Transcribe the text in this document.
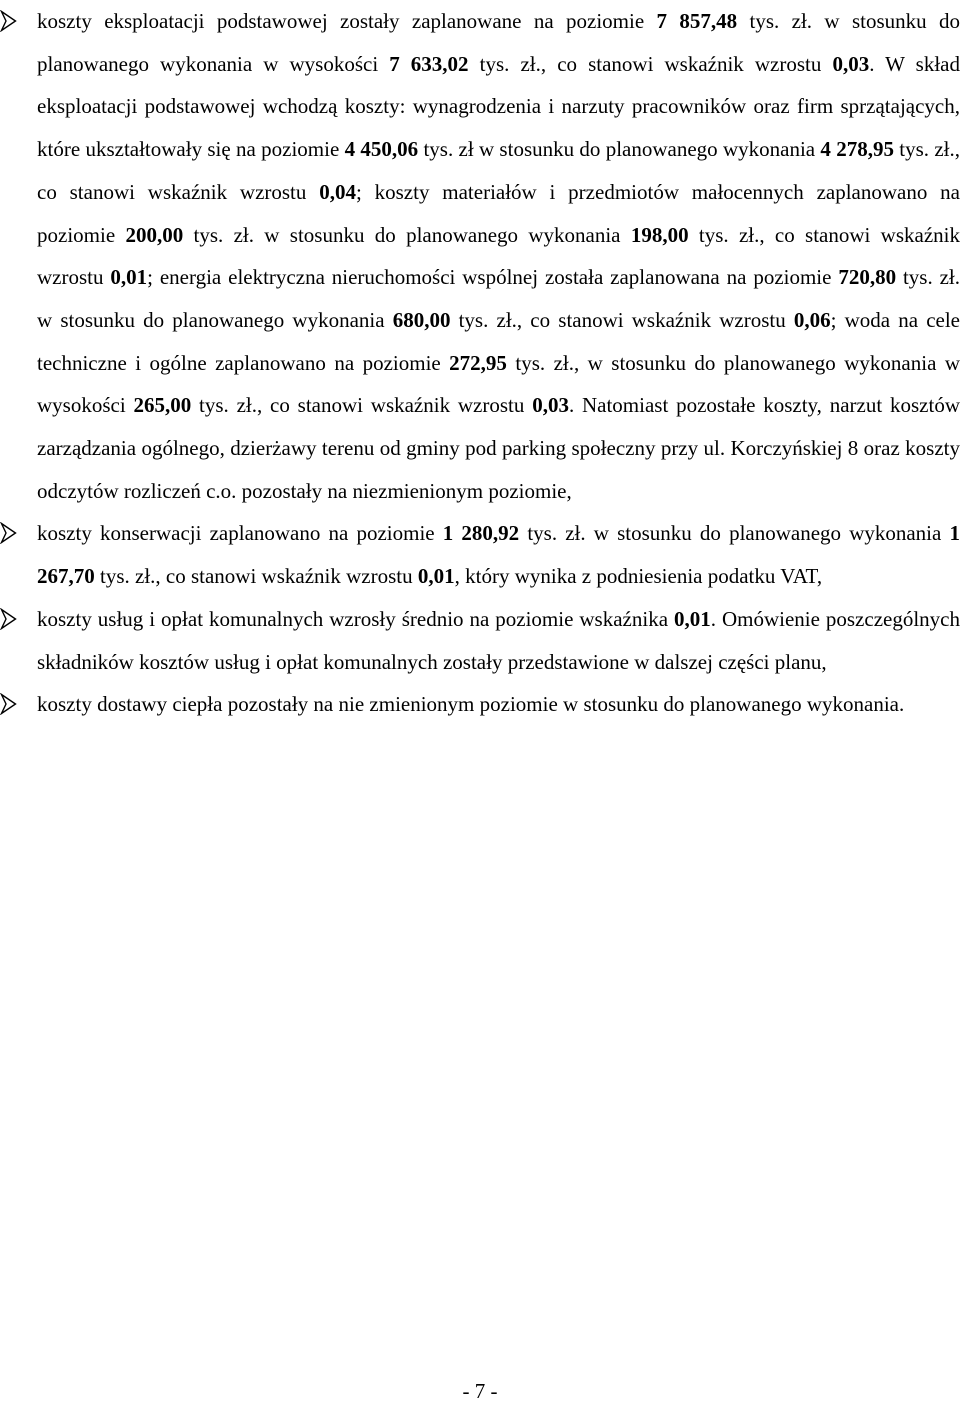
koszty eksploatacji podstawowej zostały zaplanowane na poziomie 7 857,48 tys. zł. w stosunku do planowanego wykonania w wysokości 7 633,02 tys. zł., co stanowi wskaźnik wzrostu 0,03. W skład eksploatacji podstawowej wchodzą koszty: wynagrodzenia i narzuty pracowników oraz firm sprzątających, które ukształtowały się na poziomie 4 450,06 tys. zł w stosunku do planowanego wykonania 4 278,95 tys. zł., co stanowi wskaźnik wzrostu 0,04; koszty materiałów i przedmiotów małocennych zaplanowano na poziomie 200,00 tys. zł. w stosunku do planowanego wykonania 198,00 tys. zł., co stanowi wskaźnik wzrostu 0,01; energia elektryczna nieruchomości wspólnej została zaplanowana na poziomie 720,80 tys. zł. w stosunku do planowanego wykonania 680,00 tys. zł., co stanowi wskaźnik wzrostu 0,06; woda na cele techniczne i ogólne zaplanowano na poziomie 272,95 tys. zł., w stosunku do planowanego wykonania w wysokości 265,00 tys. zł., co stanowi wskaźnik wzrostu 0,03. Natomiast pozostałe koszty, narzut kosztów zarządzania ogólnego, dzierżawy terenu od gminy pod parking społeczny przy ul. Korczyńskiej 8 oraz koszty odczytów rozliczeń c.o. pozostały na niezmienionym poziomie,
koszty konserwacji zaplanowano na poziomie 1 280,92 tys. zł. w stosunku do planowanego wykonania 1 267,70 tys. zł., co stanowi wskaźnik wzrostu 0,01, który wynika z podniesienia podatku VAT,
koszty usług i opłat komunalnych wzrosły średnio na poziomie wskaźnika 0,01. Omówienie poszczególnych składników kosztów usług i opłat komunalnych zostały przedstawione w dalszej części planu,
koszty dostawy ciepła pozostały na nie zmienionym poziomie w stosunku do planowanego wykonania.
- 7 -
